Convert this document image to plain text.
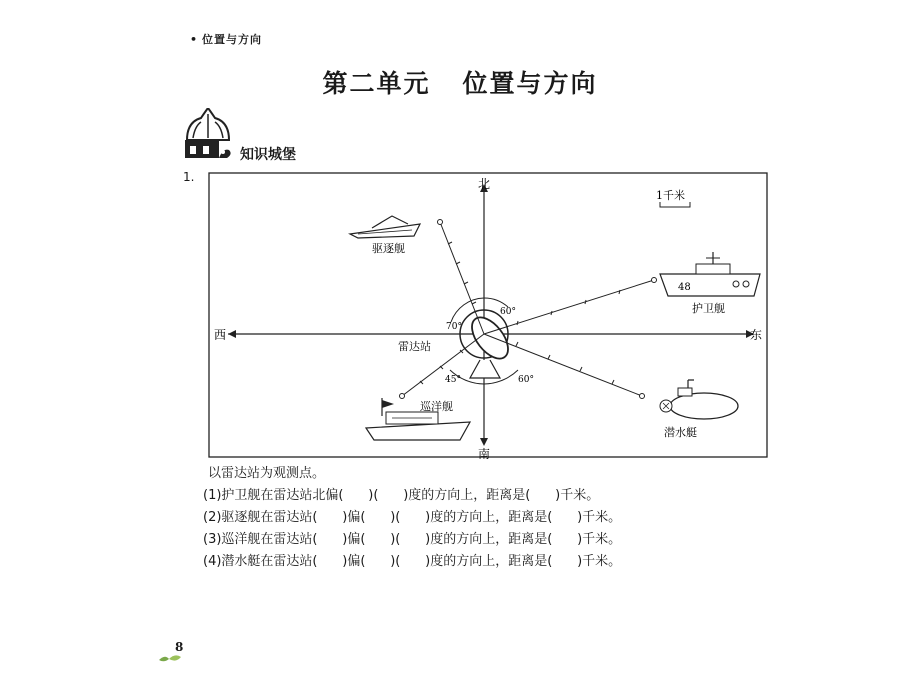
• 位置与方向
第二单元 位置与方向
知识城堡
1.	北
南
西	东
1千米
雷达站
60°
70°
45°	60°
驱逐舰
48
护卫舰
巡洋舰
潜水艇
以雷达站为观测点。
(1)护卫舰在雷达站北偏(      )(      )度的方向上，距离是(      )千米。
(2)驱逐舰在雷达站(      )偏(      )(      )度的方向上，距离是(      )千米。
(3)巡洋舰在雷达站(      )偏(      )(      )度的方向上，距离是(      )千米。
(4)潜水艇在雷达站(      )偏(      )(      )度的方向上，距离是(      )千米。
8
